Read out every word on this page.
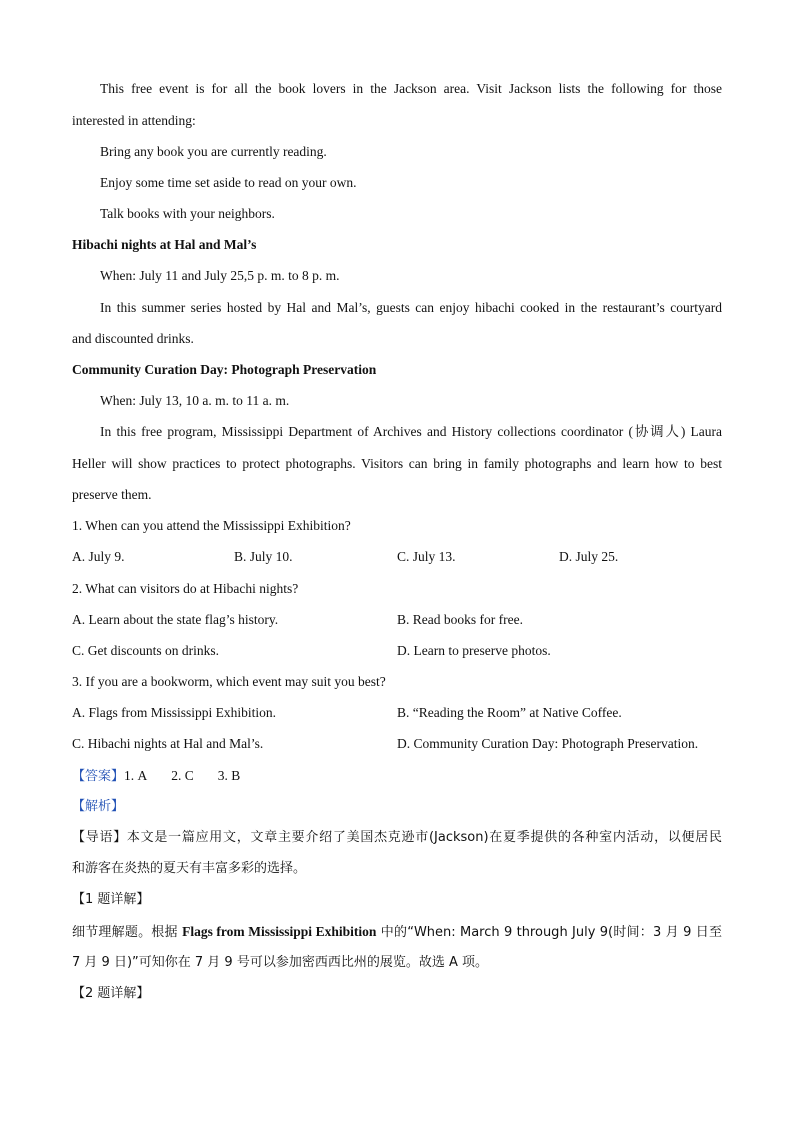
This free event is for all the book lovers in the Jackson area. Visit Jackson lists the following for those
interested in attending:
Bring any book you are currently reading.
Enjoy some time set aside to read on your own.
Talk books with your neighbors.
Hibachi nights at Hal and Mal’s
When: July 11 and July 25,5 p. m. to 8 p. m.
In this summer series hosted by Hal and Mal’s, guests can enjoy hibachi cooked in the restaurant’s courtyard
and discounted drinks.
Community Curation Day: Photograph Preservation
When: July 13, 10 a. m. to 11 a. m.
In this free program, Mississippi Department of Archives and History collections coordinator (协调人) Laura
Heller will show practices to protect photographs. Visitors can bring in family photographs and learn how to best
preserve them.
1. When can you attend the Mississippi Exhibition?
A. July 9.	B. July 10.	C. July 13.	D. July 25.
2. What can visitors do at Hibachi nights?
A. Learn about the state flag’s history.	B. Read books for free.
C. Get discounts on drinks.	D. Learn to preserve photos.
3. If you are a bookworm, which event may suit you best?
A. Flags from Mississippi Exhibition.	B. “Reading the Room” at Native Coffee.
C. Hibachi nights at Hal and Mal’s.	D. Community Curation Day: Photograph Preservation.
【答案】1. A 2. C 3. B
【解析】
【导语】本文是一篇应用文，文章主要介绍了美国杰克逊市(Jackson)在夏季提供的各种室内活动，以便居民
和游客在炎热的夏天有丰富多彩的选择。
【1 题详解】
细节理解题。根据 Flags from Mississippi Exhibition 中的“When: March 9 through July 9(时间：3 月 9 日至
7 月 9 日)”可知你在 7 月 9 号可以参加密西西比州的展览。故选 A 项。
【2 题详解】
